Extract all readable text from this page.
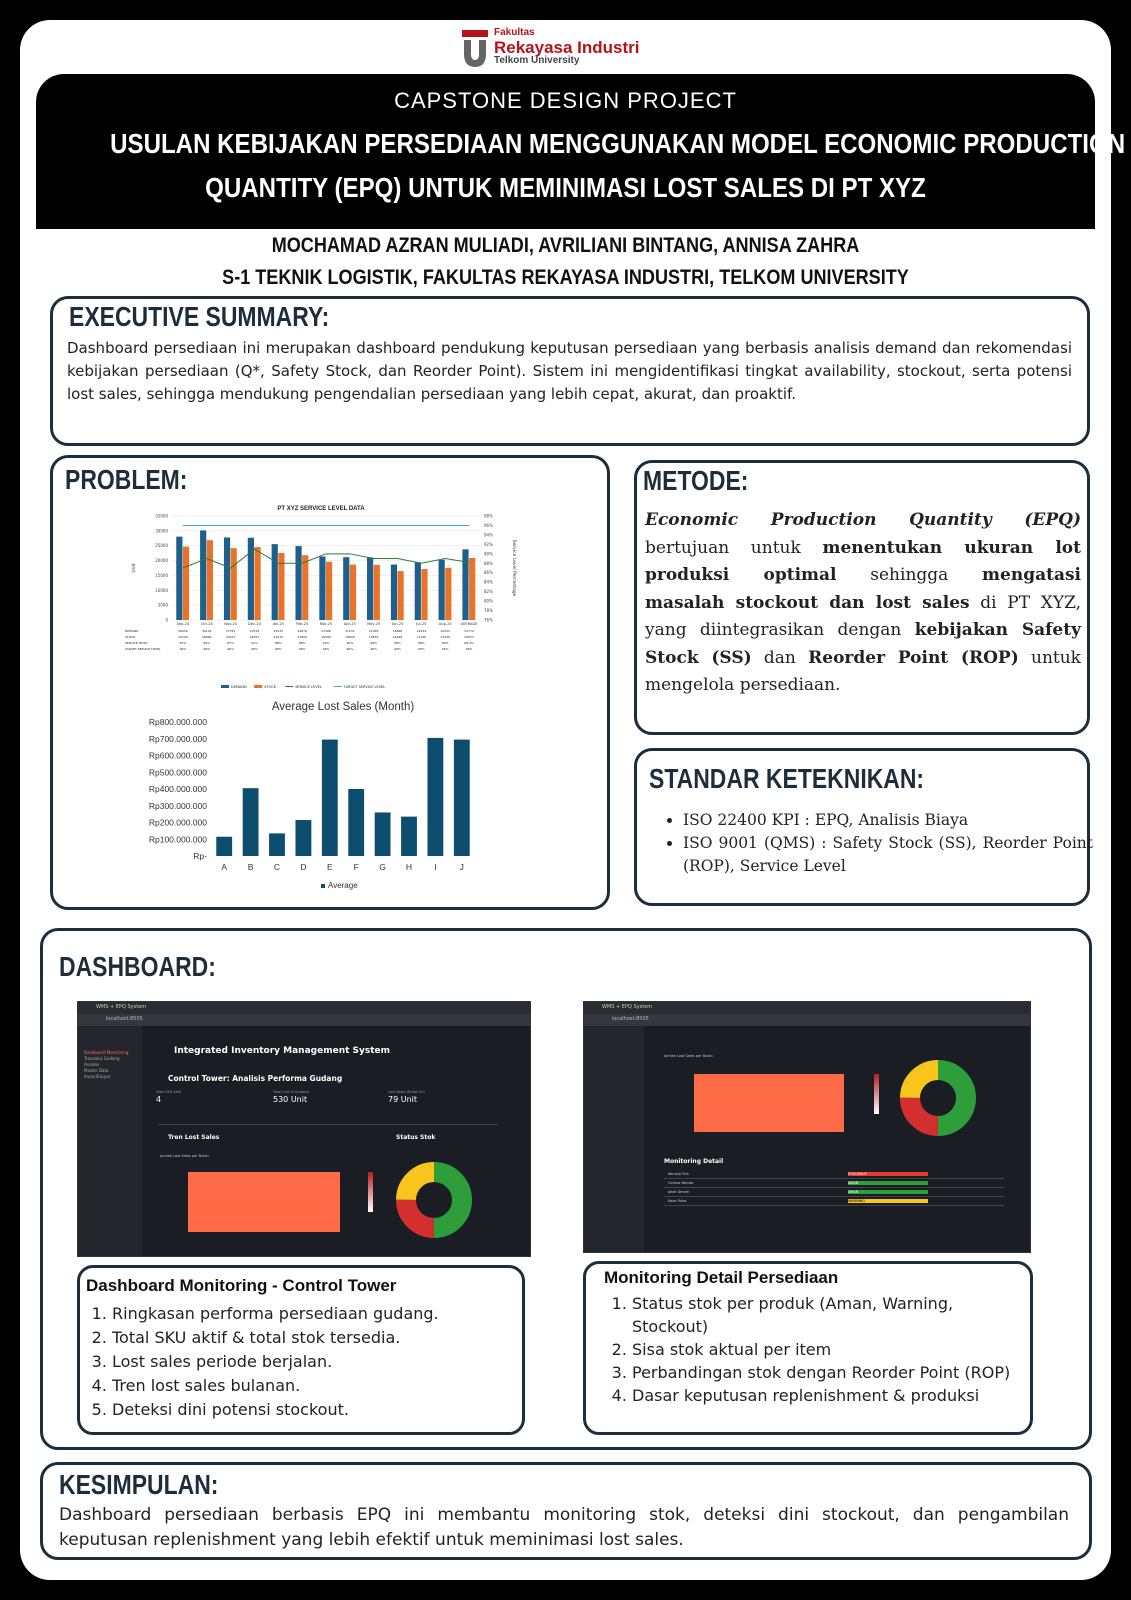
Fakultas
Rekayasa Industri
Telkom University
CAPSTONE DESIGN PROJECT
USULAN KEBIJAKAN PERSEDIAAN MENGGUNAKAN MODEL ECONOMIC PRODUCTION
QUANTITY (EPQ) UNTUK MEMINIMASI LOST SALES DI PT XYZ
MOCHAMAD AZRAN MULIADI, AVRILIANI BINTANG, ANNISA ZAHRA
S-1 TEKNIK LOGISTIK, FAKULTAS REKAYASA INDUSTRI, TELKOM UNIVERSITY
EXECUTIVE SUMMARY:
Dashboard persediaan ini merupakan dashboard pendukung keputusan persediaan yang berbasis analisis demand dan rekomendasi kebijakan persediaan (Q*, Safety Stock, dan Reorder Point). Sistem ini mengidentifikasi tingkat availability, stockout, serta potensi lost sales, sehingga mendukung pengendalian persediaan yang lebih cepat, akurat, dan proaktif.
PROBLEM:
PT XYZ SERVICE LEVEL DATA
0
5000
10000
15000
20000
25000
30000
35000
76%
78%
80%
82%
84%
86%
88%
90%
92%
94%
96%
98%
Unit	Service Level Percentage
Sep-24	Oct-24	Nov-24	Dec-24	Jan-25	Feb-25	Mar-25	Apr-25	May-25	Jun-25	Jul-25	Aug-25	AVERAGE
DEMAND	28056	30144	27781	27678	25533	24879	21368	21132	21065	18666	19434	20252	23774
STOCK	24709	26865	24167	24552	22570	21809	19599	18648	18555	16448	17166	17546	20873
SERVICE LEVEL	87%	89%	87%	91%	88%	88%	90%	90%	89%	89%	88%	89%	88,2%
TARGET SERVICE LEVEL	96%	96%	96%	96%	96%	96%	96%	96%	96%	96%	96%	96%	96%
DEMAND	STOCK	SERVICE LEVEL	TARGET SERVICE LEVEL
Average Lost Sales (Month)
Rp-
Rp100.000.000
Rp200.000.000
Rp300.000.000
Rp400.000.000
Rp500.000.000
Rp600.000.000
Rp700.000.000
Rp800.000.000
A B C D E F G H	I	J
Average
METODE:
Economic Production Quantity (EPQ) bertujuan untuk menentukan ukuran lot produksi optimal sehingga mengatasi masalah stockout dan lost sales di PT XYZ, yang diintegrasikan dengan kebijakan Safety Stock (SS) dan Reorder Point (ROP) untuk mengelola persediaan.
STANDAR KETEKNIKAN:
• ISO 22400 KPI : EPQ, Analisis Biaya
• ISO 9001 (QMS) : Safety Stock (SS), Reorder Point (ROP), Service Level
DASHBOARD:
WMS + EPQ System
localhost:8505
Dashboard Monitoring
Transaksi Gudang
Analisis
Master Data
Impor/Ekspor
Integrated Inventory Management System
Control Tower: Analisis Performa Gudang
Total SKU Aktif
4
Total Unit di Gudang
530 Unit
Lost Sales (Bulan Ini)
79 Unit
Tren Lost Sales	Status Stok
Jumlah Lost Sales per Bulan
WMS + EPQ System
localhost:8505
Jumlah Lost Sales per Bulan
Monitoring Detail
Kemeja Pria	STOCKOUT
Celana Wanita	AMAN
Jaket Denim	AMAN
Kaos Polos	WARNING
Dashboard Monitoring - Control Tower
1. Ringkasan performa persediaan gudang.
2. Total SKU aktif & total stok tersedia.
3. Lost sales periode berjalan.
4. Tren lost sales bulanan.
5. Deteksi dini potensi stockout.
Monitoring Detail Persediaan
1. Status stok per produk (Aman, Warning, Stockout)
2. Sisa stok aktual per item
3. Perbandingan stok dengan Reorder Point (ROP)
4. Dasar keputusan replenishment & produksi
KESIMPULAN:
Dashboard persediaan berbasis EPQ ini membantu monitoring stok, deteksi dini stockout, dan pengambilan keputusan replenishment yang lebih efektif untuk meminimasi lost sales.
